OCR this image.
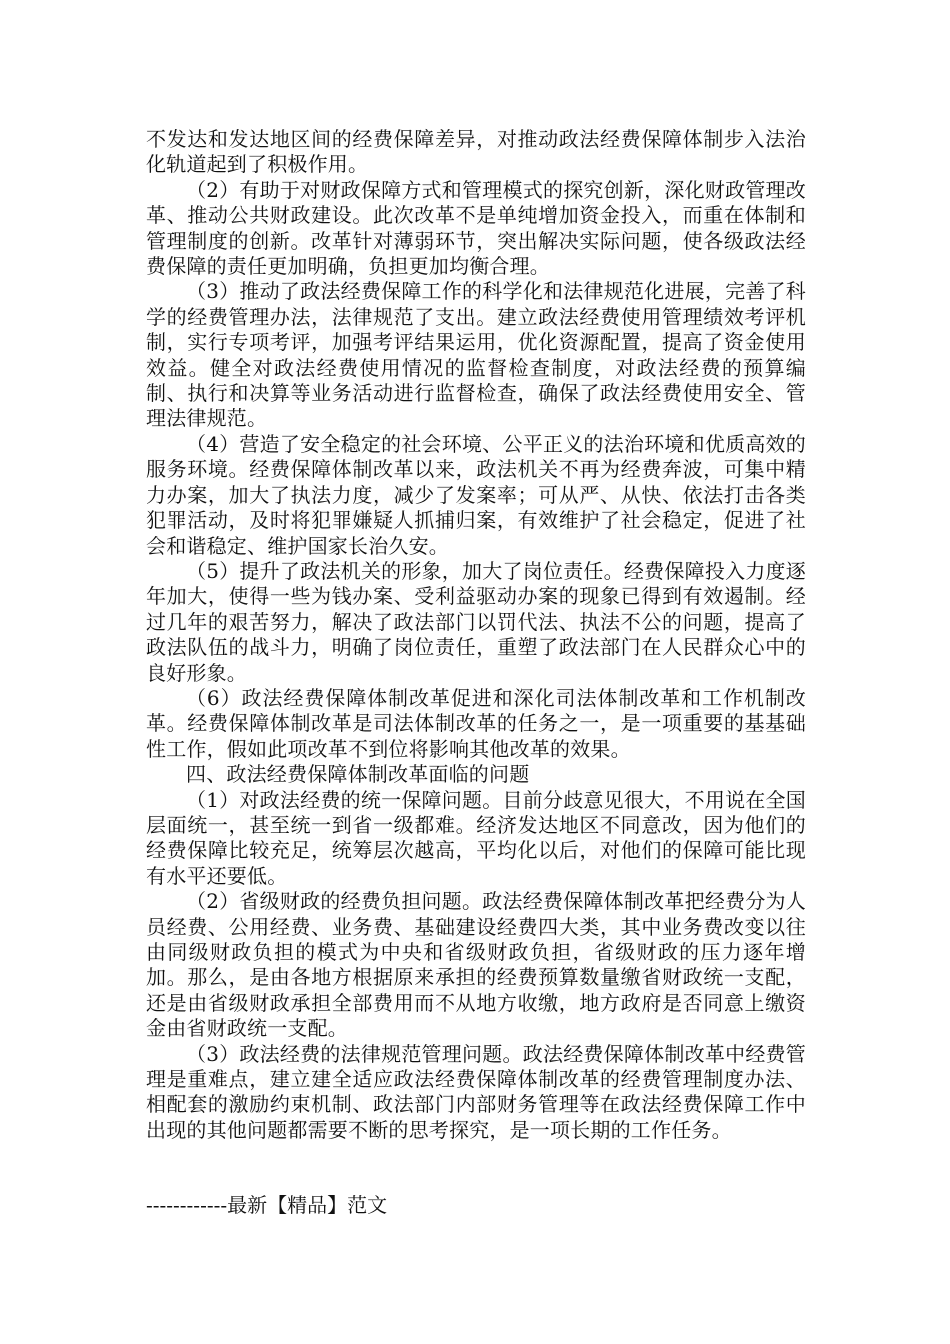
不发达和发达地区间的经费保障差异，对推动政法经费保障体制步入法治化轨道起到了积极作用。

（2）有助于对财政保障方式和管理模式的探究创新，深化财政管理改革、推动公共财政建设。此次改革不是单纯增加资金投入，而重在体制和管理制度的创新。改革针对薄弱环节，突出解决实际问题，使各级政法经费保障的责任更加明确，负担更加均衡合理。

（3）推动了政法经费保障工作的科学化和法律规范化进展，完善了科学的经费管理办法，法律规范了支出。建立政法经费使用管理绩效考评机制，实行专项考评，加强考评结果运用，优化资源配置，提高了资金使用效益。健全对政法经费使用情况的监督检查制度，对政法经费的预算编制、执行和决算等业务活动进行监督检查，确保了政法经费使用安全、管理法律规范。

（4）营造了安全稳定的社会环境、公平正义的法治环境和优质高效的服务环境。经费保障体制改革以来，政法机关不再为经费奔波，可集中精力办案，加大了执法力度，减少了发案率；可从严、从快、依法打击各类犯罪活动，及时将犯罪嫌疑人抓捕归案，有效维护了社会稳定，促进了社会和谐稳定、维护国家长治久安。

（5）提升了政法机关的形象，加大了岗位责任。经费保障投入力度逐年加大，使得一些为钱办案、受利益驱动办案的现象已得到有效遏制。经过几年的艰苦努力，解决了政法部门以罚代法、执法不公的问题，提高了政法队伍的战斗力，明确了岗位责任，重塑了政法部门在人民群众心中的良好形象。

（6）政法经费保障体制改革促进和深化司法体制改革和工作机制改革。经费保障体制改革是司法体制改革的任务之一，是一项重要的基基础性工作，假如此项改革不到位将影响其他改革的效果。

四、政法经费保障体制改革面临的问题

（1）对政法经费的统一保障问题。目前分歧意见很大，不用说在全国层面统一，甚至统一到省一级都难。经济发达地区不同意改，因为他们的经费保障比较充足，统筹层次越高，平均化以后，对他们的保障可能比现有水平还要低。

（2）省级财政的经费负担问题。政法经费保障体制改革把经费分为人员经费、公用经费、业务费、基础建设经费四大类，其中业务费改变以往由同级财政负担的模式为中央和省级财政负担，省级财政的压力逐年增加。那么，是由各地方根据原来承担的经费预算数量缴省财政统一支配，还是由省级财政承担全部费用而不从地方收缴，地方政府是否同意上缴资金由省财政统一支配。

（3）政法经费的法律规范管理问题。政法经费保障体制改革中经费管理是重难点，建立建全适应政法经费保障体制改革的经费管理制度办法、相配套的激励约束机制、政法部门内部财务管理等在政法经费保障工作中出现的其他问题都需要不断的思考探究，是一项长期的工作任务。

------------最新【精品】范文
